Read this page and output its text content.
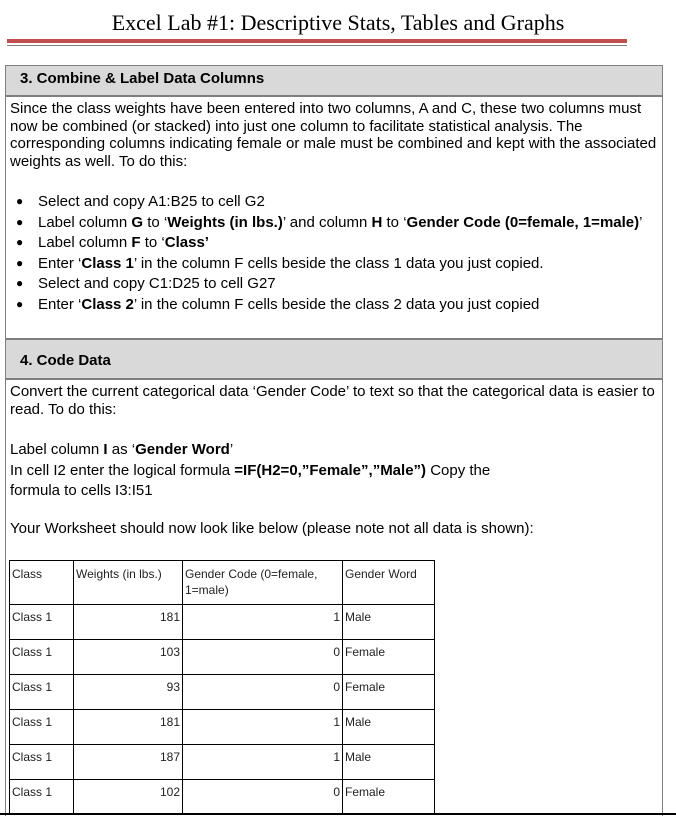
Excel Lab #1: Descriptive Stats, Tables and Graphs
3. Combine & Label Data Columns
Since the class weights have been entered into two columns, A and C, these two columns must now be combined (or stacked) into just one column to facilitate statistical analysis. The corresponding columns indicating female or male must be combined and kept with the associated weights as well. To do this:
● Select and copy A1:B25 to cell G2
● Label column G to ‘Weights (in lbs.)’ and column H to ‘Gender Code (0=female, 1=male)’
● Label column F to ‘Class’
● Enter ‘Class 1’ in the column F cells beside the class 1 data you just copied.
● Select and copy C1:D25 to cell G27
● Enter ‘Class 2’ in the column F cells beside the class 2 data you just copied
4. Code Data
Convert the current categorical data ‘Gender Code’ to text so that the categorical data is easier to read. To do this:
Label column I as ‘Gender Word’
In cell I2 enter the logical formula =IF(H2=0,”Female”,”Male”) Copy the
formula to cells I3:I51
Your Worksheet should now look like below (please note not all data is shown):
Class	Weights (in lbs.)	Gender Code (0=female, 1=male)	Gender Word
Class 1	181	1	Male
Class 1	103	0	Female
Class 1	93	0	Female
Class 1	181	1	Male
Class 1	187	1	Male
Class 1	102	0	Female
